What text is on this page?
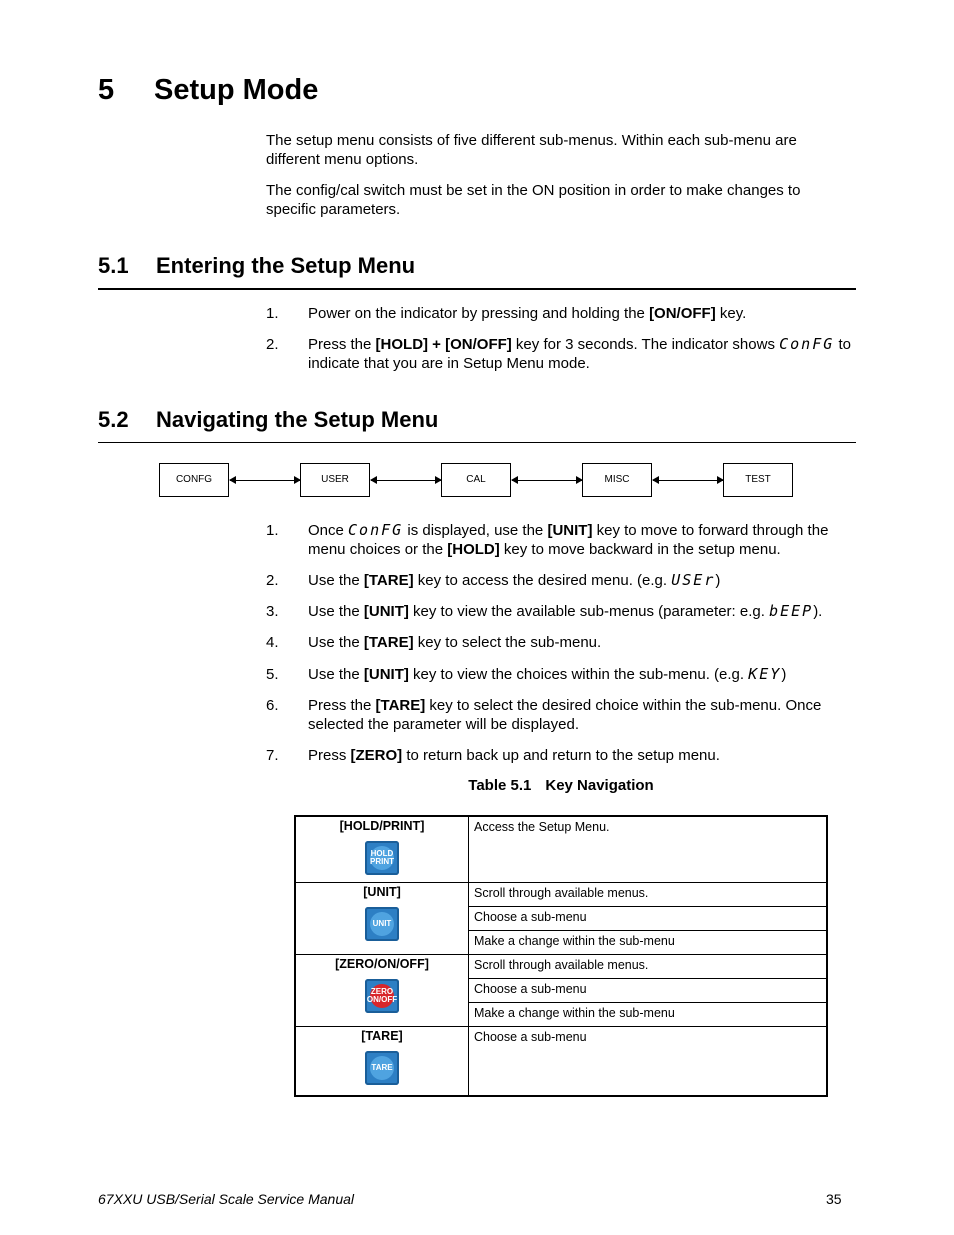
5 Setup Mode
The setup menu consists of five different sub-menus. Within each sub-menu are different menu options.
The config/cal switch must be set in the ON position in order to make changes to specific parameters.
5.1 Entering the Setup Menu
1. Power on the indicator by pressing and holding the [ON/OFF] key.
2. Press the [HOLD] + [ON/OFF] key for 3 seconds. The indicator shows ConFG to indicate that you are in Setup Menu mode.
5.2 Navigating the Setup Menu
CONFG	USER	CAL	MISC	TEST
1. Once ConFG is displayed, use the [UNIT] key to move to forward through the menu choices or the [HOLD] key to move backward in the setup menu.
2. Use the [TARE] key to access the desired menu. (e.g. USEr)
3. Use the [UNIT] key to view the available sub-menus (parameter: e.g. bEEP).
4. Use the [TARE] key to select the sub-menu.
5. Use the [UNIT] key to view the choices within the sub-menu. (e.g. KEY)
6. Press the [TARE] key to select the desired choice within the sub-menu. Once selected the parameter will be displayed.
7. Press [ZERO] to return back up and return to the setup menu.
Table 5.1 Key Navigation
[HOLD/PRINT]
HOLD PRINT	Access the Setup Menu.

[UNIT]
UNIT	Scroll through available menus.
	Choose a sub-menu
	Make a change within the sub-menu

[ZERO/ON/OFF]
ZERO ON/OFF	Scroll through available menus.
	Choose a sub-menu
	Make a change within the sub-menu

[TARE]
TARE	Choose a sub-menu
67XXU USB/Serial Scale Service Manual	35
